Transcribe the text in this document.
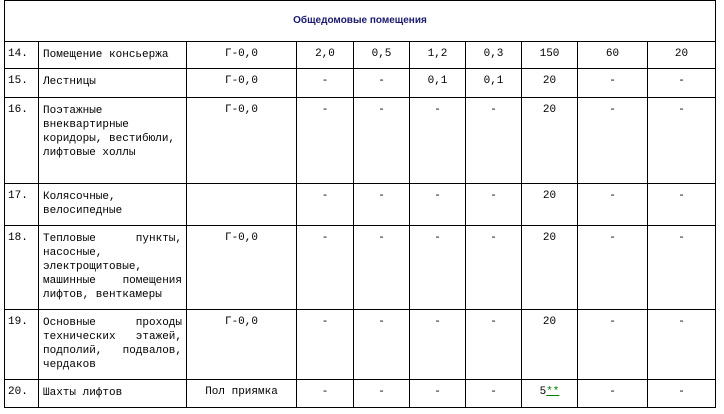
Общедомовые помещения									
14.	Помещение консьержа	Г-0,0	2,0	0,5	1,2	0,3	150	60	20
15.	Лестницы	Г-0,0	-	-	0,1	0,1	20	-	-
16.	Поэтажные внеквартирные коридоры, вестибюли, лифтовые холлы	Г-0,0	-	-	-	-	20	-	-
17.	Колясочные, велосипедные		-	-	-	-	20	-	-
18.	Тепловые пункты, насосные, электрощитовые, машинные помещения лифтов, венткамеры	Г-0,0	-	-	-	-	20	-	-
19.	Основные проходы технических этажей, подполий, подвалов, чердаков	Г-0,0	-	-	-	-	20	-	-
20.	Шахты лифтов	Пол приямка	-	-	-	-	5**	-	-
